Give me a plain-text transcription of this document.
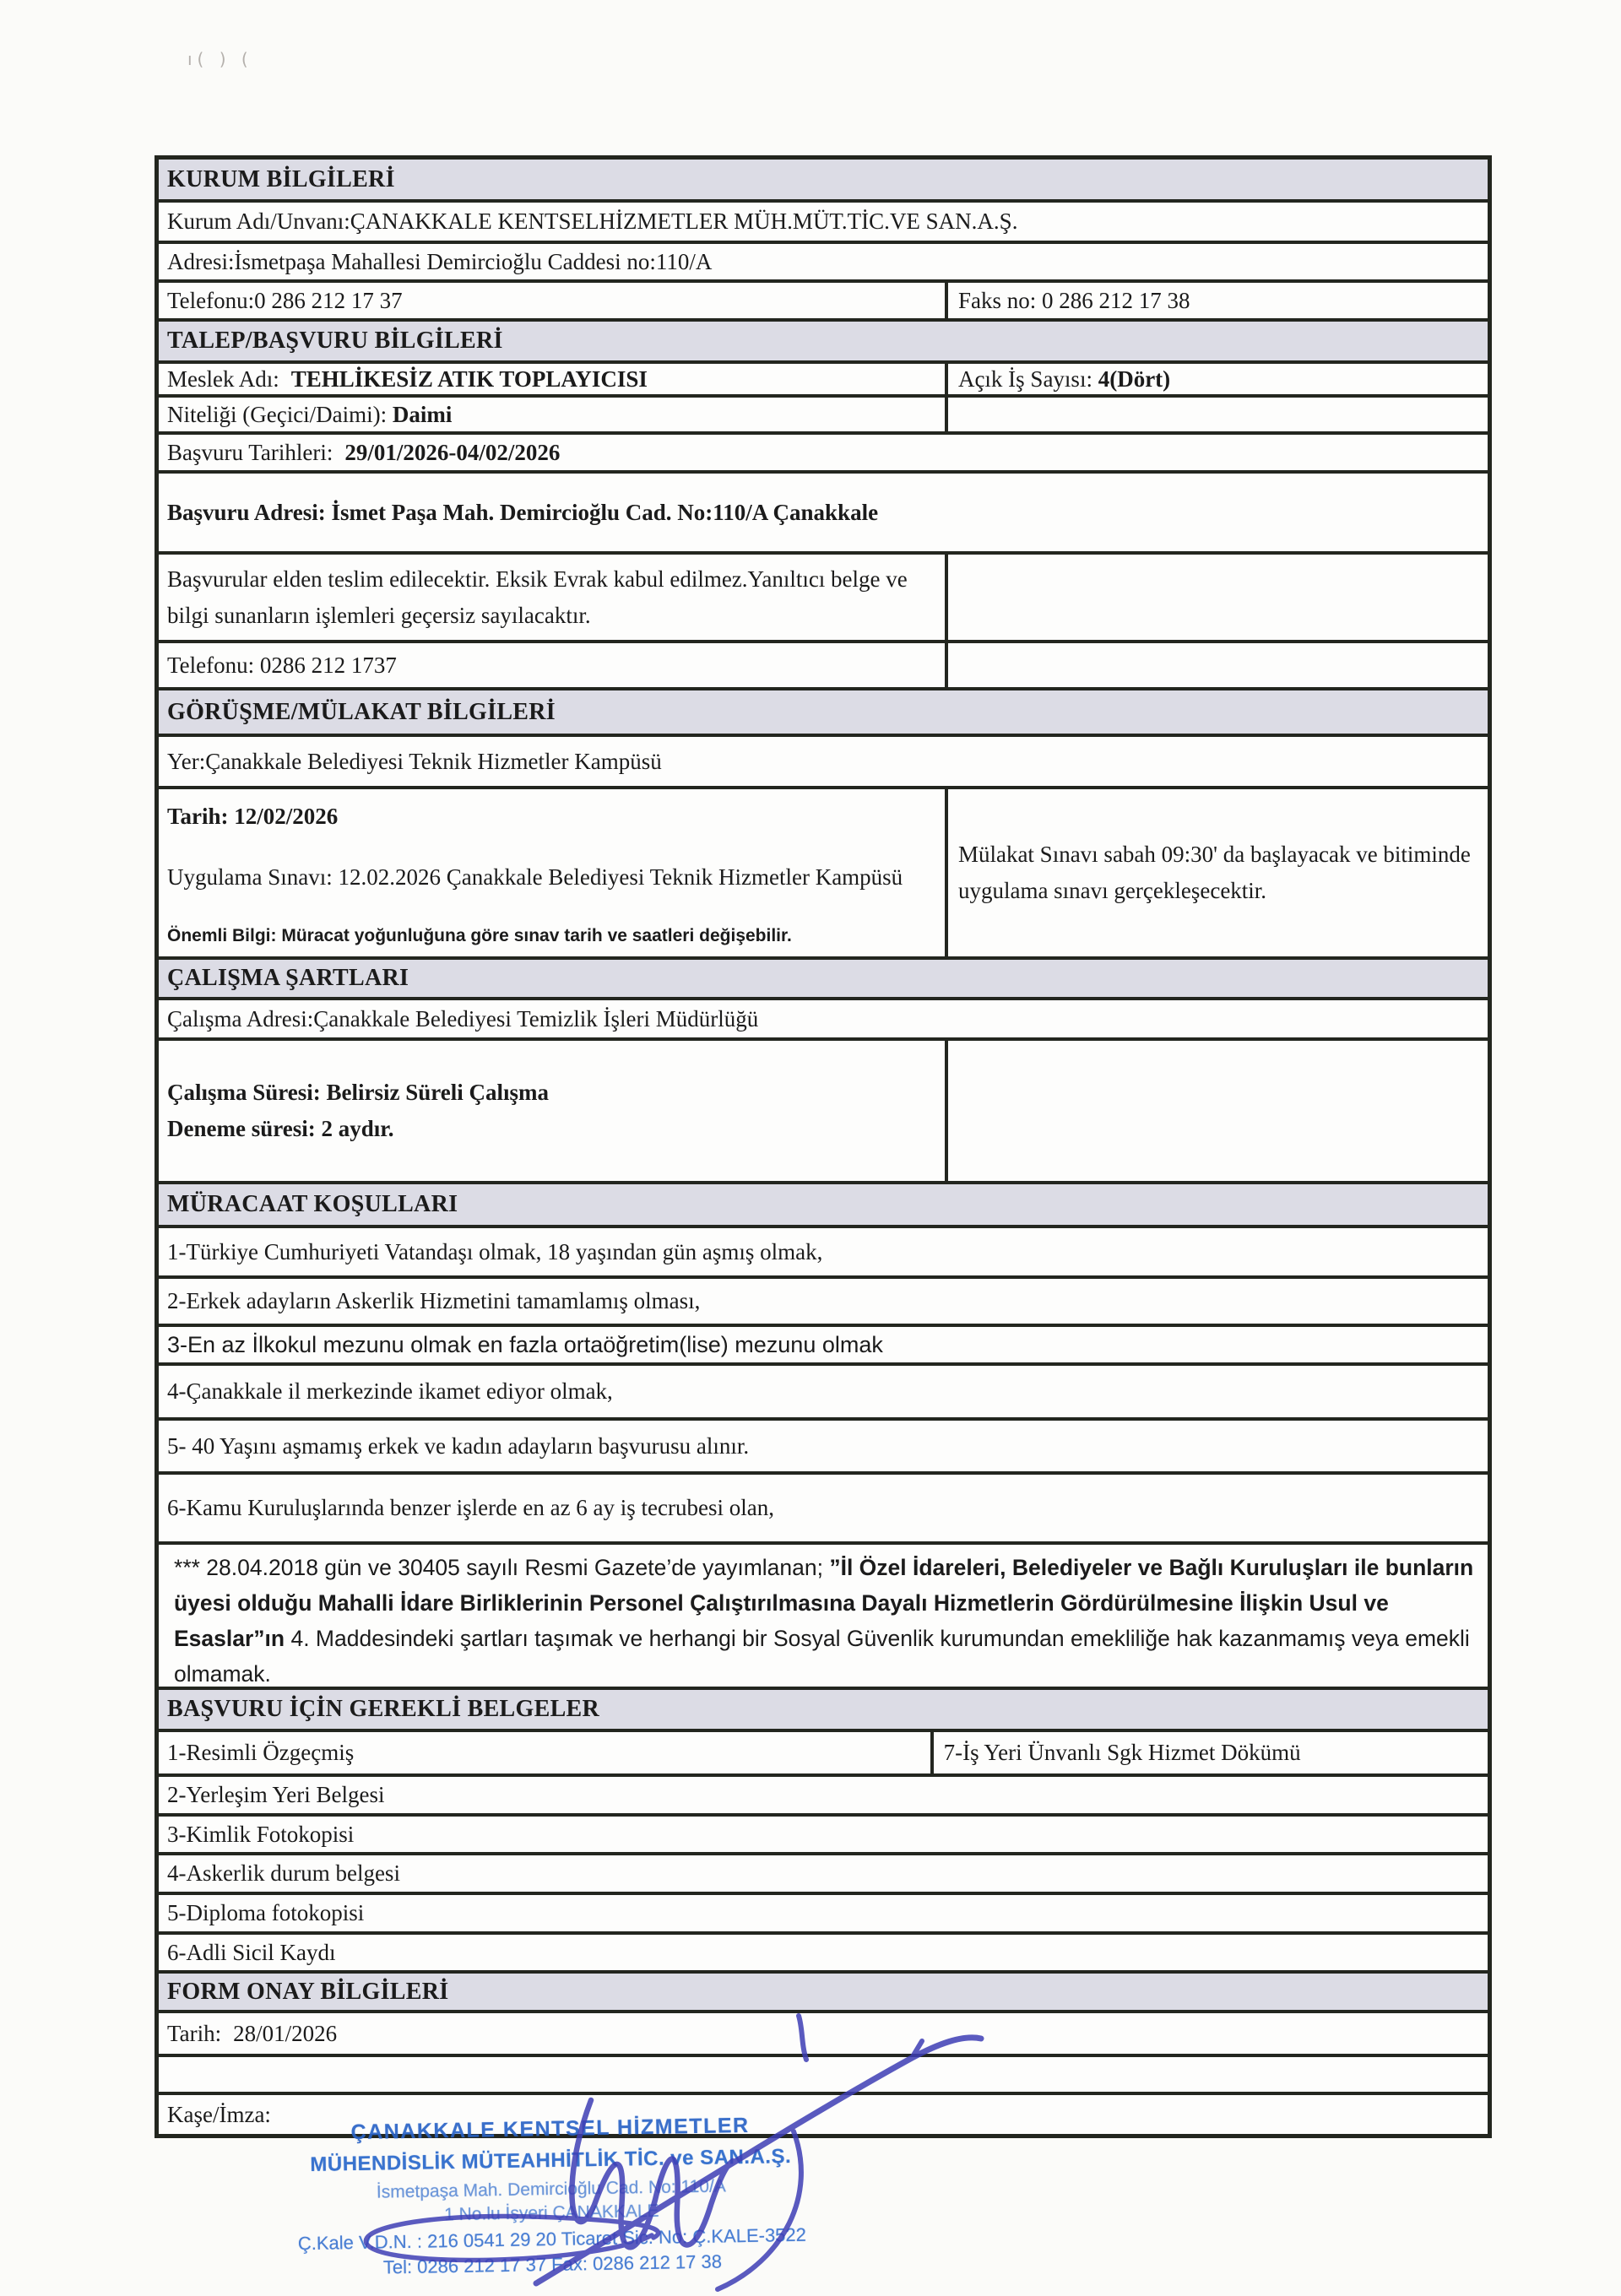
ı( ) (
KURUM BİLGİLERİ
Kurum Adı/Unvanı:ÇANAKKALE KENTSELHİZMETLER MÜH.MÜT.TİC.VE SAN.A.Ş.
Adresi:İsmetpaşa Mahallesi Demircioğlu Caddesi no:110/A
Telefonu:0 286 212 17 37	Faks no: 0 286 212 17 38
TALEP/BAŞVURU BİLGİLERİ
Meslek Adı: TEHLİKESİZ ATIK TOPLAYICISI	Açık İş Sayısı:
4(Dört)
Niteliği (Geçici/Daimi):
Daimi
Başvuru Tarihleri: 29/01/2026-04/02/2026
Başvuru Adresi: İsmet Paşa Mah. Demircioğlu Cad. No:110/A Çanakkale
Başvurular elden teslim edilecektir. Eksik Evrak kabul edilmez.Yanıltıcı belge ve bilgi sunanların işlemleri geçersiz sayılacaktır.
Telefonu: 0286 212 1737
GÖRÜŞME/MÜLAKAT BİLGİLERİ
Yer:Çanakkale Belediyesi Teknik Hizmetler Kampüsü
Tarih: 12/02/2026
Uygulama Sınavı: 12.02.2026 Çanakkale Belediyesi Teknik Hizmetler Kampüsü
Önemli Bilgi: Müracat yoğunluğuna göre sınav tarih ve saatleri değişebilir.
Mülakat Sınavı sabah 09:30' da başlayacak ve bitiminde uygulama sınavı gerçekleşecektir.
ÇALIŞMA ŞARTLARI
Çalışma Adresi:Çanakkale Belediyesi Temizlik İşleri Müdürlüğü
Çalışma Süresi: Belirsiz Süreli Çalışma
Deneme süresi: 2 aydır.
MÜRACAAT KOŞULLARI
1-Türkiye Cumhuriyeti Vatandaşı olmak, 18 yaşından gün aşmış olmak,
2-Erkek adayların Askerlik Hizmetini tamamlamış olması,
3-En az İlkokul mezunu olmak en fazla ortaöğretim(lise) mezunu olmak
4-Çanakkale il merkezinde ikamet ediyor olmak,
5- 40 Yaşını aşmamış erkek ve kadın adayların başvurusu alınır.
6-Kamu Kuruluşlarında benzer işlerde en az 6 ay iş tecrubesi olan,
*** 28.04.2018 gün ve 30405 sayılı Resmi Gazete’de yayımlanan; ”İl Özel İdareleri, Belediyeler ve Bağlı Kuruluşları ile bunların üyesi olduğu Mahalli İdare Birliklerinin Personel Çalıştırılmasına Dayalı Hizmetlerin Gördürülmesine İlişkin Usul ve Esaslar”ın 4. Maddesindeki şartları taşımak ve herhangi bir Sosyal Güvenlik kurumundan emekliliğe hak kazanmamış veya emekli olmamak.
BAŞVURU İÇİN GEREKLİ BELGELER
1-Resimli Özgeçmiş	7-İş Yeri Ünvanlı Sgk Hizmet Dökümü
2-Yerleşim Yeri Belgesi
3-Kimlik Fotokopisi
4-Askerlik durum belgesi
5-Diploma fotokopisi
6-Adli Sicil Kaydı
FORM ONAY BİLGİLERİ
Tarih: 28/01/2026
Kaşe/İmza:	ÇANAKKALE KENTSEL HİZMETLER
MÜHENDİSLİK MÜTEAHHİTLİK TİC. ve SAN.A.Ş.
İsmetpaşa Mah. Demircioğlu Cad. No: 110/A
1 No.lu İşyeri ÇANAKKALE
Ç.Kale V.D.N. : 216 0541 29 20 Ticaret Sic. No: Ç.KALE-3522
Tel: 0286 212 17 37 Fax: 0286 212 17 38
